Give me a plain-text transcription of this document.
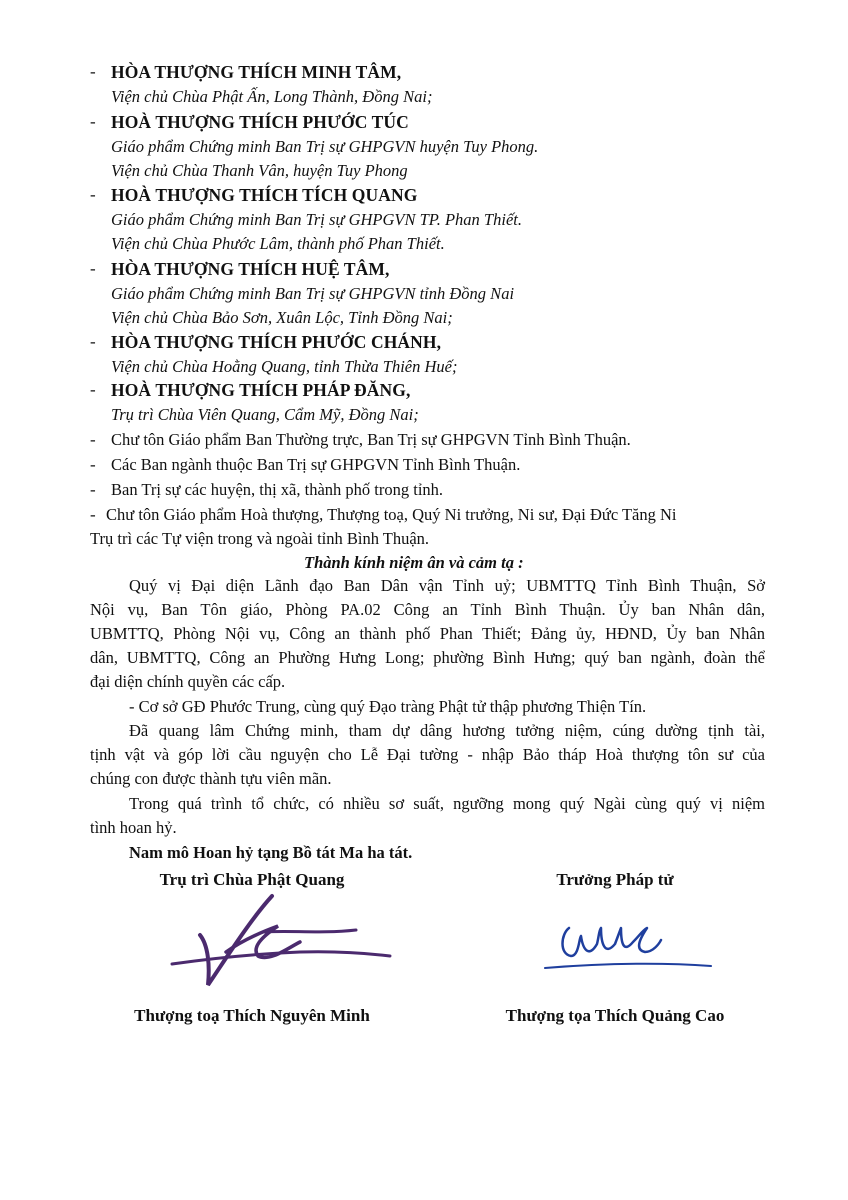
- HÒA THƯỢNG THÍCH MINH TÂM,
Viện chủ Chùa Phật Ấn, Long Thành, Đồng Nai;
- HOÀ THƯỢNG THÍCH PHƯỚC TÚC
Giáo phẩm Chứng minh Ban Trị sự GHPGVN huyện Tuy Phong.
Viện chủ Chùa Thanh Vân, huyện Tuy Phong
- HOÀ THƯỢNG THÍCH TÍCH QUANG
Giáo phẩm Chứng minh Ban Trị sự GHPGVN TP. Phan Thiết.
Viện chủ Chùa Phước Lâm, thành phố Phan Thiết.
- HÒA THƯỢNG THÍCH HUỆ TÂM,
Giáo phẩm Chứng minh Ban Trị sự GHPGVN tỉnh Đồng Nai
Viện chủ Chùa Bảo Sơn, Xuân Lộc, Tỉnh Đồng Nai;
- HÒA THƯỢNG THÍCH PHƯỚC CHÁNH,
Viện chủ Chùa Hoằng Quang, tỉnh Thừa Thiên Huế;
- HOÀ THƯỢNG THÍCH PHÁP ĐĂNG,
Trụ trì Chùa Viên Quang, Cẩm Mỹ, Đồng Nai;
- Chư tôn Giáo phẩm Ban Thường trực, Ban Trị sự GHPGVN Tỉnh Bình Thuận.
- Các Ban ngành thuộc Ban Trị sự GHPGVN Tỉnh Bình Thuận.
- Ban Trị sự các huyện, thị xã, thành phố trong tỉnh.
- Chư tôn Giáo phẩm Hoà thượng, Thượng toạ, Quý Ni trưởng, Ni sư, Đại Đức Tăng Ni
Trụ trì các Tự viện trong và ngoài tỉnh Bình Thuận.
Thành kính niệm ân và cảm tạ :
Quý vị Đại diện Lãnh đạo Ban Dân vận Tỉnh uỷ; UBMTTQ Tỉnh Bình Thuận, Sở
Nội vụ, Ban Tôn giáo, Phòng PA.02 Công an Tỉnh Bình Thuận. Ủy ban Nhân dân,
UBMTTQ, Phòng Nội vụ, Công an thành phố Phan Thiết; Đảng ủy, HĐND, Ủy ban Nhân
dân, UBMTTQ, Công an Phường Hưng Long; phường Bình Hưng; quý ban ngành, đoàn thể
đại diện chính quyền các cấp.
- Cơ sở GĐ Phước Trung, cùng quý Đạo tràng Phật tử thập phương Thiện Tín.
Đã quang lâm Chứng minh, tham dự dâng hương tưởng niệm, cúng dường tịnh tài,
tịnh vật và góp lời cầu nguyện cho Lễ Đại tường - nhập Bảo tháp Hoà thượng tôn sư của
chúng con được thành tựu viên mãn.
Trong quá trình tổ chức, có nhiều sơ suất, ngưỡng mong quý Ngài cùng quý vị niệm
tình hoan hỷ.
Nam mô Hoan hỷ tạng Bồ tát Ma ha tát.
Trụ trì Chùa Phật Quang
Thượng toạ Thích Nguyên Minh
Trưởng Pháp tử
Thượng tọa Thích Quảng Cao
